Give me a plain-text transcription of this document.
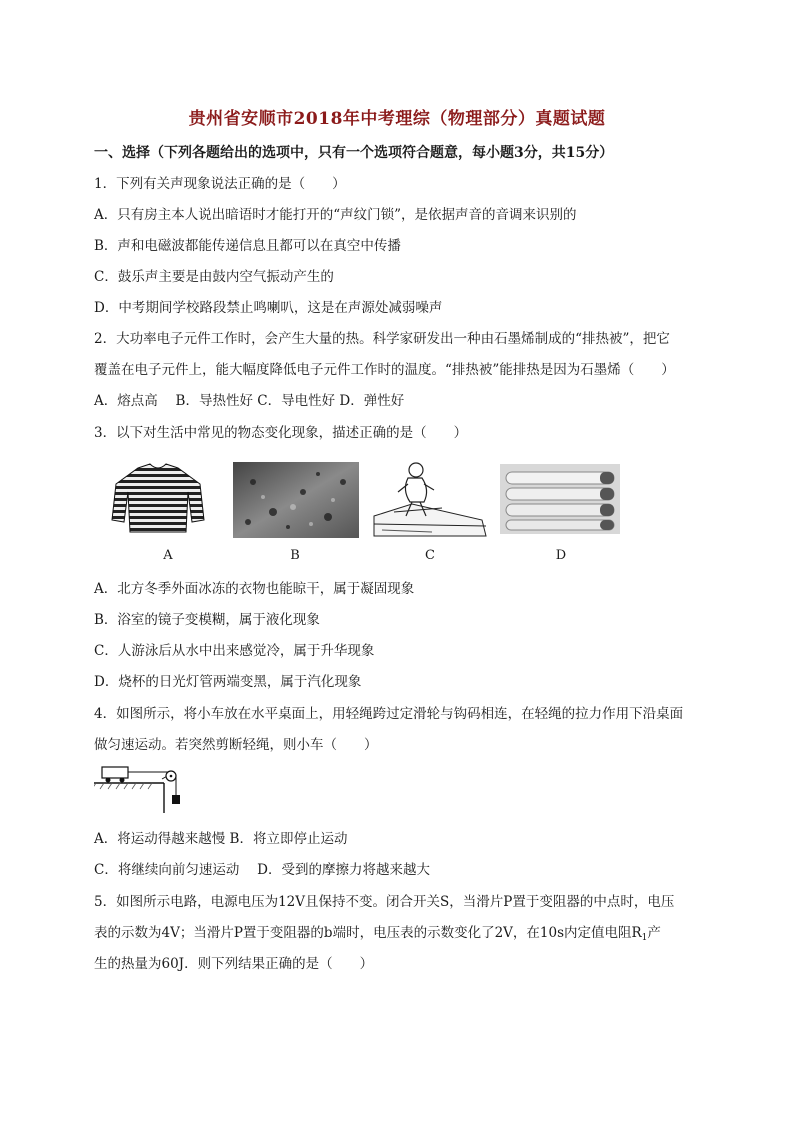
贵州省安顺市2018年中考理综（物理部分）真题试题
一、选择（下列各题给出的选项中，只有一个选项符合题意，每小题3分，共15分）
1．下列有关声现象说法正确的是（　　）
A．只有房主本人说出暗语时才能打开的“声纹门锁”，是依据声音的音调来识别的
B．声和电磁波都能传递信息且都可以在真空中传播
C．鼓乐声主要是由鼓内空气振动产生的
D．中考期间学校路段禁止鸣喇叭，这是在声源处减弱噪声
2．大功率电子元件工作时，会产生大量的热。科学家研发出一种由石墨烯制成的“排热被”，把它
覆盖在电子元件上，能大幅度降低电子元件工作时的温度。“排热被”能排热是因为石墨烯（　　）
A．熔点高　 B．导热性好 C．导电性好 D．弹性好
3．以下对生活中常见的物态变化现象，描述正确的是（　　）
A	B	C	D
A．北方冬季外面冰冻的衣物也能晾干，属于凝固现象
B．浴室的镜子变模糊，属于液化现象
C．人游泳后从水中出来感觉冷，属于升华现象
D．烧杯的日光灯管两端变黑，属于汽化现象
4．如图所示，将小车放在水平桌面上，用轻绳跨过定滑轮与钩码相连，在轻绳的拉力作用下沿桌面
做匀速运动。若突然剪断轻绳，则小车（　　）
A．将运动得越来越慢 B．将立即停止运动
C．将继续向前匀速运动　 D．受到的摩擦力将越来越大
5．如图所示电路，电源电压为12V且保持不变。闭合开关S，当滑片P置于变阻器的中点时，电压
表的示数为4V；当滑片P置于变阻器的b端时，电压表的示数变化了2V，在10s内定值电阻$R_1$产
生的热量为60J．则下列结果正确的是（　　）
